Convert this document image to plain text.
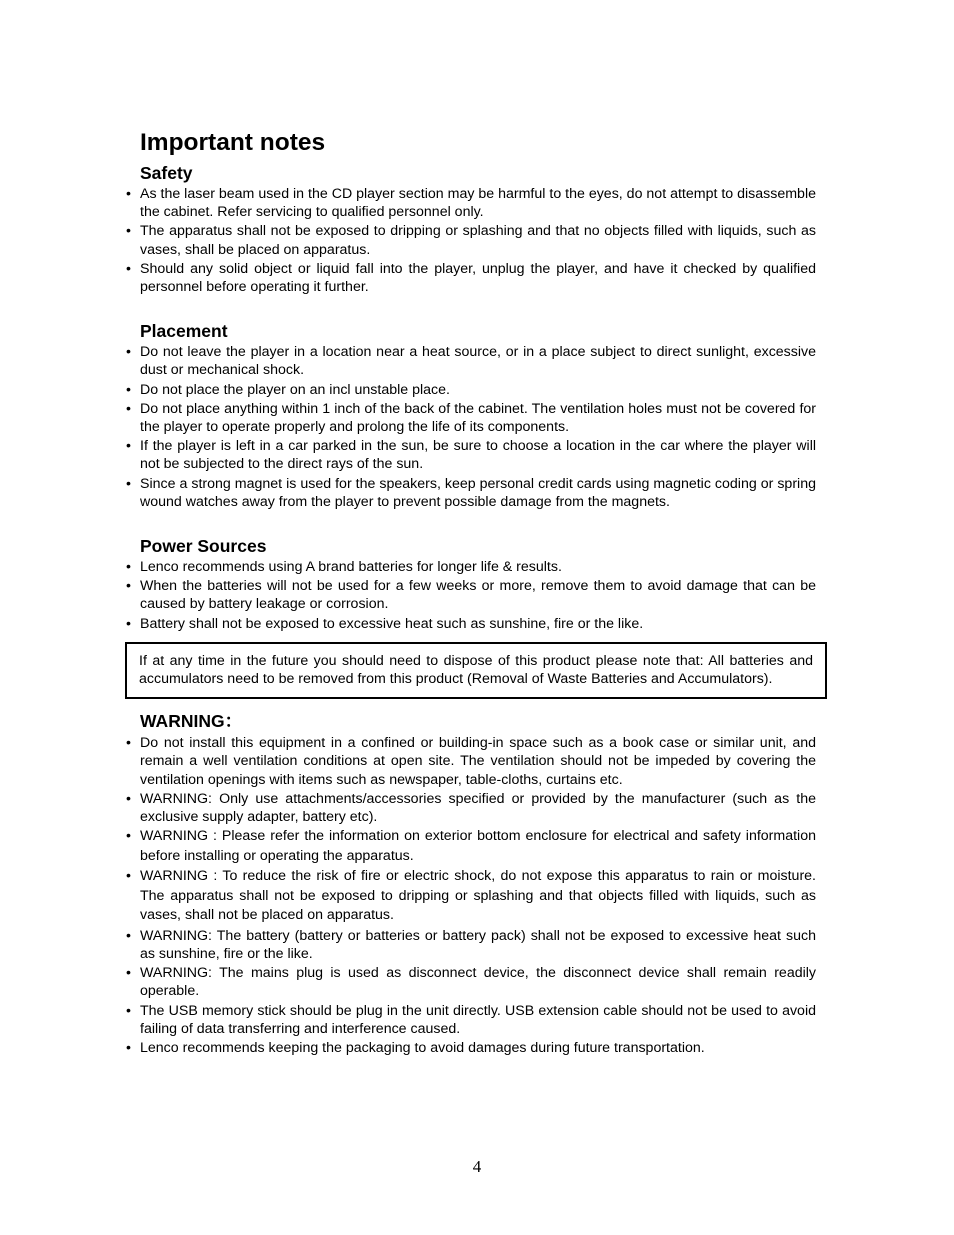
Important notes
Safety
• As the laser beam used in the CD player section may be harmful to the eyes, do not attempt to disassemble the cabinet. Refer servicing to qualified personnel only.
• The apparatus shall not be exposed to dripping or splashing and that no objects filled with liquids, such as vases, shall be placed on apparatus.
• Should any solid object or liquid fall into the player, unplug the player, and have it checked by qualified personnel before operating it further.
Placement
• Do not leave the player in a location near a heat source, or in a place subject to direct sunlight, excessive dust or mechanical shock.
• Do not place the player on an incl unstable place.
• Do not place anything within 1 inch of the back of the cabinet. The ventilation holes must not be covered for the player to operate properly and prolong the life of its components.
• If the player is left in a car parked in the sun, be sure to choose a location in the car where the player will not be subjected to the direct rays of the sun.
• Since a strong magnet is used for the speakers, keep personal credit cards using magnetic coding or spring wound watches away from the player to prevent possible damage from the magnets.
Power Sources
• Lenco recommends using A brand batteries for longer life & results.
• When the batteries will not be used for a few weeks or more, remove them to avoid damage that can be caused by battery leakage or corrosion.
• Battery shall not be exposed to excessive heat such as sunshine, fire or the like.
If at any time in the future you should need to dispose of this product please note that: All batteries and accumulators need to be removed from this product (Removal of Waste Batteries and Accumulators).
WARNING：
• Do not install this equipment in a confined or building-in space such as a book case or similar unit, and remain a well ventilation conditions at open site. The ventilation should not be impeded by covering the ventilation openings with items such as newspaper, table-cloths, curtains etc.
• WARNING: Only use attachments/accessories specified or provided by the manufacturer (such as the exclusive supply adapter, battery etc).
• WARNING : Please refer the information on exterior bottom enclosure for electrical and safety information before installing or operating the apparatus.
• WARNING : To reduce the risk of fire or electric shock, do not expose this apparatus to rain or moisture. The apparatus shall not be exposed to dripping or splashing and that objects filled with liquids, such as vases, shall not be placed on apparatus.
• WARNING: The battery (battery or batteries or battery pack) shall not be exposed to excessive heat such as sunshine, fire or the like.
• WARNING: The mains plug is used as disconnect device, the disconnect device shall remain readily operable.
• The USB memory stick should be plug in the unit directly. USB extension cable should not be used to avoid failing of data transferring and interference caused.
• Lenco recommends keeping the packaging to avoid damages during future transportation.
4
